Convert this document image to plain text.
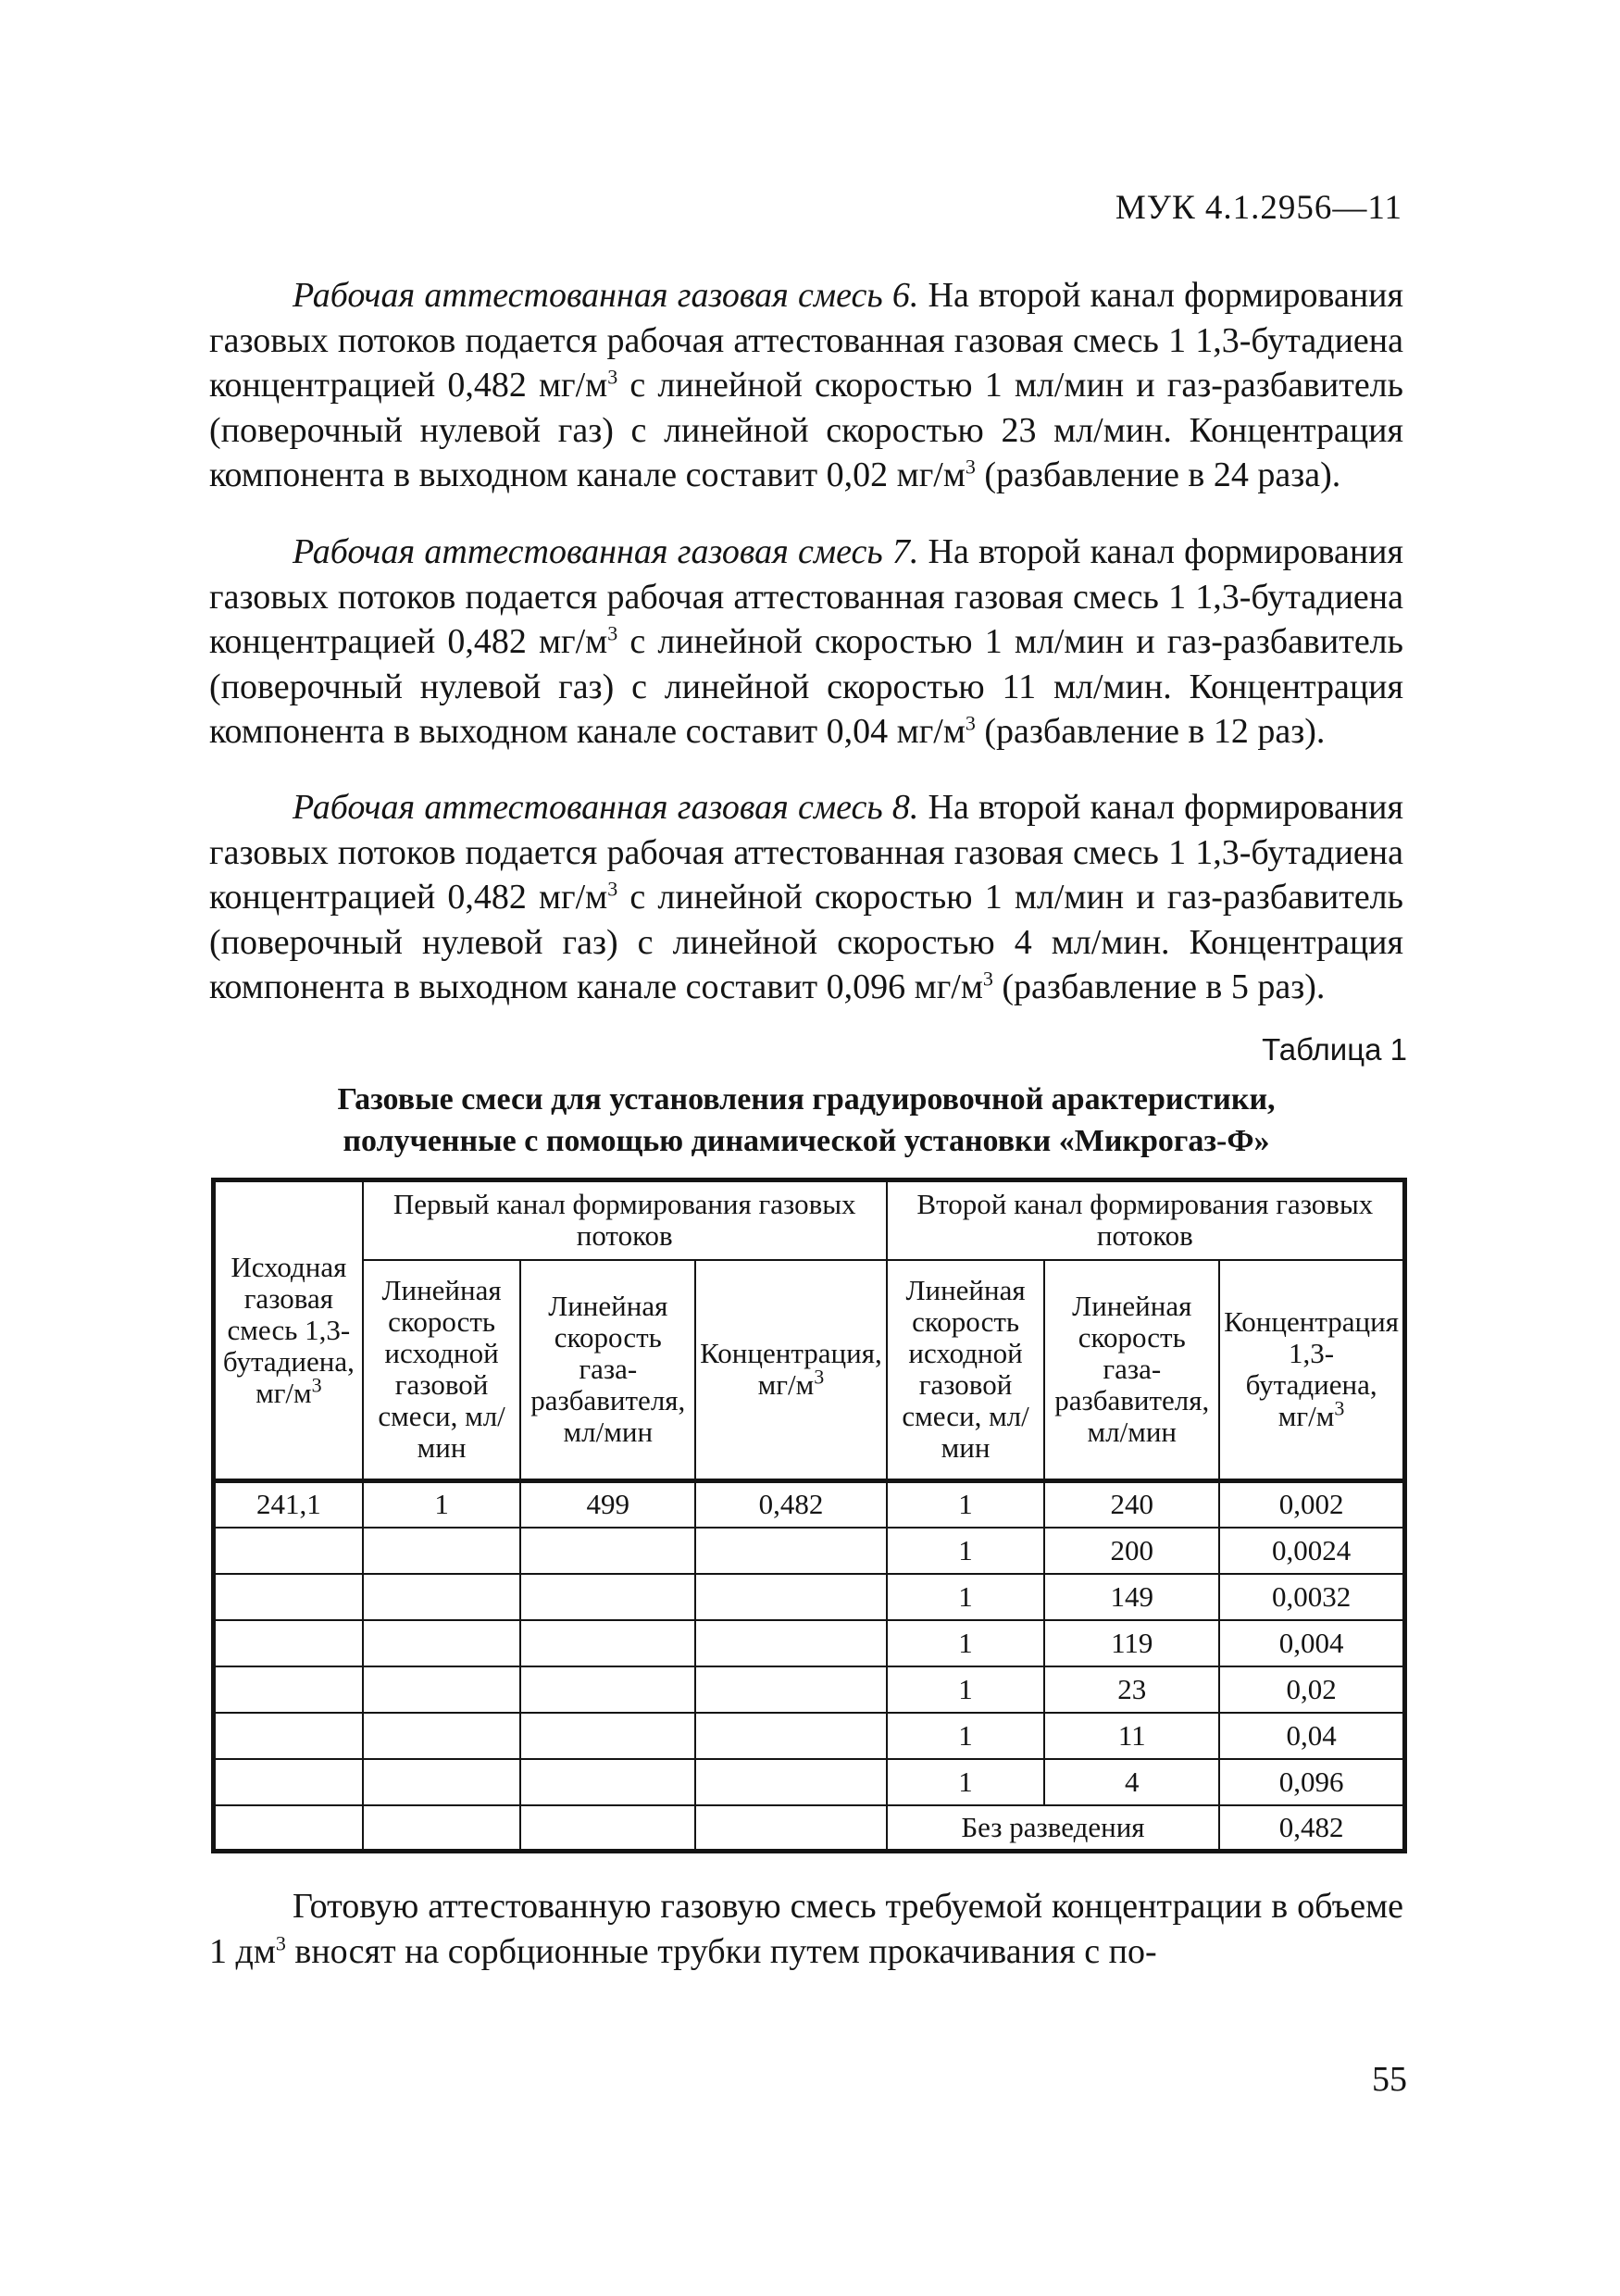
МУК 4.1.2956—11

Рабочая аттестованная газовая смесь 6. На второй канал формирования газовых потоков подается рабочая аттестованная газовая смесь 1 1,3-бутадиена концентрацией 0,482 $мг/м^3$ с линейной скоростью 1 мл/мин и газ-разбавитель (поверочный нулевой газ) с линейной скоростью 23 мл/мин. Концентрация компонента в выходном канале составит 0,02 $мг/м^3$ (разбавление в 24 раза).

Рабочая аттестованная газовая смесь 7. На второй канал формирования газовых потоков подается рабочая аттестованная газовая смесь 1 1,3-бутадиена концентрацией 0,482 $мг/м^3$ с линейной скоростью 1 мл/мин и газ-разбавитель (поверочный нулевой газ) с линейной скоростью 11 мл/мин. Концентрация компонента в выходном канале составит 0,04 $мг/м^3$ (разбавление в 12 раз).

Рабочая аттестованная газовая смесь 8. На второй канал формирования газовых потоков подается рабочая аттестованная газовая смесь 1 1,3-бутадиена концентрацией 0,482 $мг/м^3$ с линейной скоростью 1 мл/мин и газ-разбавитель (поверочный нулевой газ) с линейной скоростью 4 мл/мин. Концентрация компонента в выходном канале составит 0,096 $мг/м^3$ (разбавление в 5 раз).

Таблица 1
Газовые смеси для установления градуировочной арактеристики,
полученные с помощью динамической установки «Микрогаз-Ф»
Исходная газовая смесь 1,3-бутадиена, $мг/м^3$	Первый канал формирования газовых потоков			Второй канал формирования газовых потоков		
	Линейная скорость исходной газовой смеси, мл/мин	Линейная скорость газа-разбавителя, мл/мин	Концентрация, $мг/м^3$	Линейная скорость исходной газовой смеси, мл/мин	Линейная скорость газа-разбавителя, мл/мин	Концентрация 1,3-бутадиена, $мг/м^3$
241,1	1	499	0,482	1	240	0,002
				1	200	0,0024
				1	149	0,0032
				1	119	0,004
				1	23	0,02
				1	11	0,04
				1	4	0,096
				Без разведения		0,482

Готовую аттестованную газовую смесь требуемой концентрации в объеме 1 $дм^3$ вносят на сорбционные трубки путем прокачивания с по-

55
